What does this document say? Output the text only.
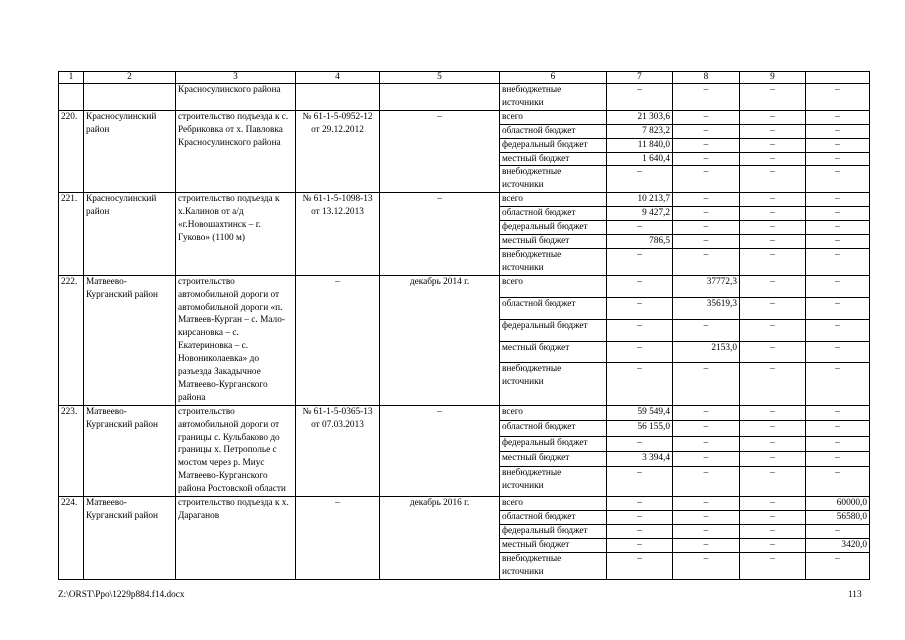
1	2	3	4	5	6	7	8	9	
		Красносулинского района			внебюджетные источники	–	–	–	–
220.	Красносулинский район	строительство подъезда к с. Ребриковка от х. Павловка Красносулинского района	№ 61-1-5-0952-12 от 29.12.2012	–	всего	21 303,6	–	–	–
					областной бюджет	7 823,2	–	–	–
					федеральный бюджет	11 840,0	–	–	–
					местный бюджет	1 640,4	–	–	–
					внебюджетные источники	–	–	–	–
221.	Красносулинский район	строительство подъезда к х.Калинов от а/д «г.Новошахтинск – г. Гуково» (1100 м)	№ 61-1-5-1098-13 от 13.12.2013	–	всего	10 213,7	–	–	–
					областной бюджет	9 427,2	–	–	–
					федеральный бюджет	–	–	–	–
					местный бюджет	786,5	–	–	–
					внебюджетные источники	–	–	–	–
222.	Матвеево-Курганский район	строительство автомобильной дороги от автомобильной дороги «п. Матвеев-Курган – с. Мало-кирсановка – с. Екатериновка – с. Новониколаевка» до разъезда Закадычное Матвеево-Курганского района	–	декабрь 2014 г.	всего	–	37772,3	–	–
					областной бюджет	–	35619,3	–	–
					федеральный бюджет	–	–	–	–
					местный бюджет	–	2153,0	–	–
					внебюджетные источники	–	–	–	–
223.	Матвеево-Курганский район	строительство автомобильной дороги от границы с. Кульбаково до границы х. Петрополье с мостом через р. Миус Матвеево-Курганского района Ростовской области	№ 61-1-5-0365-13 от 07.03.2013	–	всего	59 549,4	–	–	–
					областной бюджет	56 155,0	–	–	–
					федеральный бюджет	–	–	–	–
					местный бюджет	3 394,4	–	–	–
					внебюджетные источники	–	–	–	–
224.	Матвеево-Курганский район	строительство подъезда к х. Дараганов	–	декабрь 2016 г.	всего	–	–	–	60000,0
					областной бюджет	–	–	–	56580,0
					федеральный бюджет	–	–	–	–
					местный бюджет	–	–	–	3420,0
					внебюджетные источники	–	–	–	–
Z:\ORST\Ppo\1229p884.f14.docx	113
